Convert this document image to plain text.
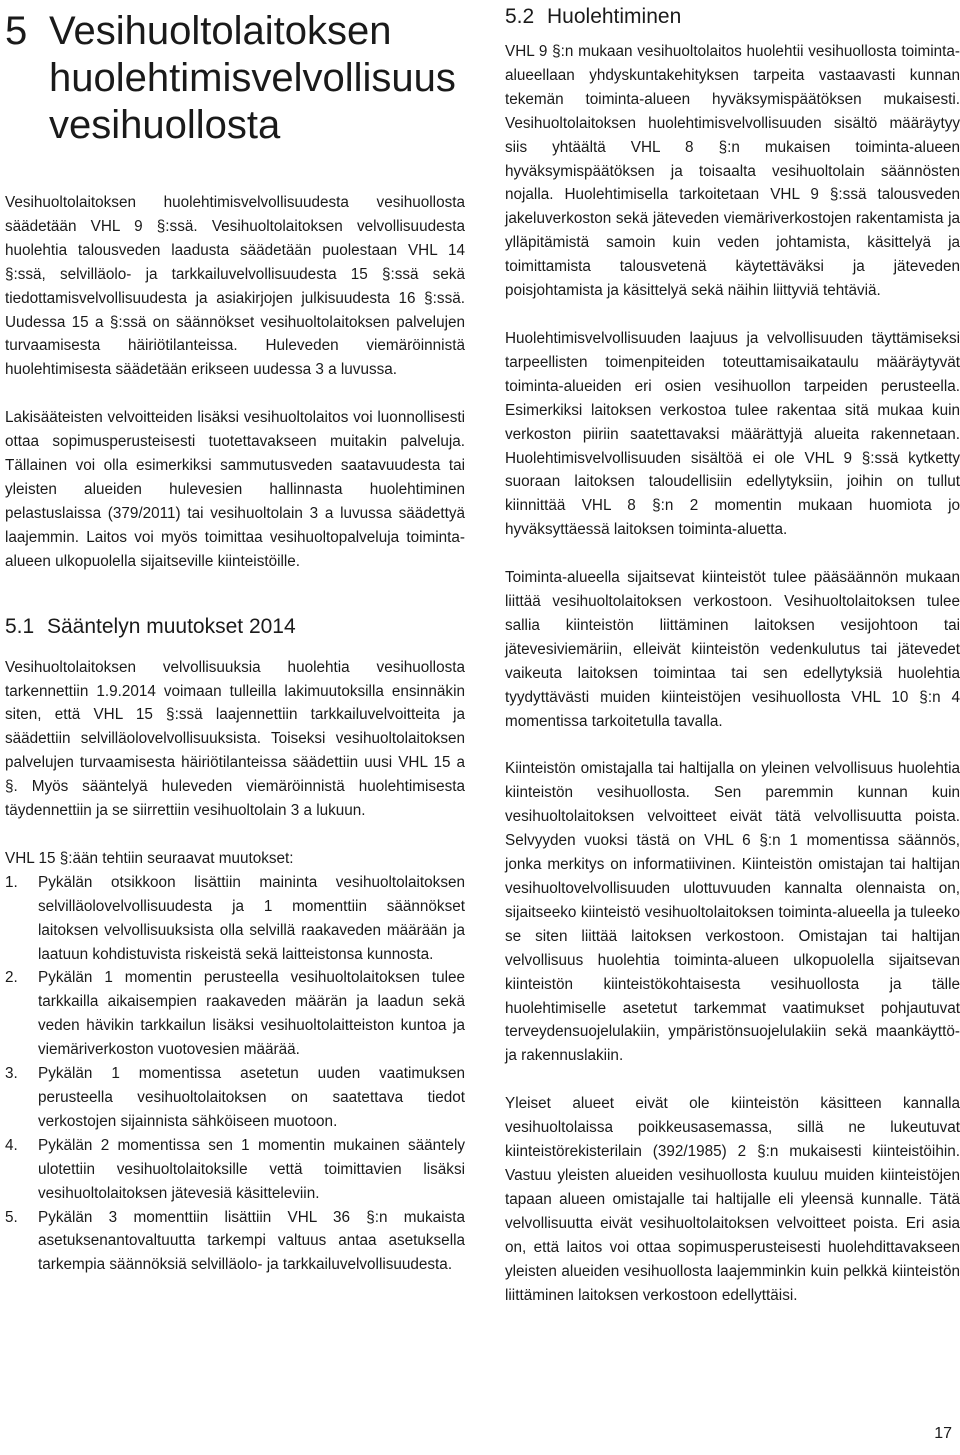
5 Vesihuoltolaitoksen huolehtimisvelvollisuus vesihuollosta

Vesihuoltolaitoksen huolehtimisvelvollisuudesta vesihuollosta säädetään VHL 9 §:ssä. Vesihuoltolaitoksen velvollisuudesta huolehtia talousveden laadusta säädetään puolestaan VHL 14 §:ssä, selvilläolo- ja tarkkailuvelvollisuudesta 15 §:ssä sekä tiedottamisvelvollisuudesta ja asiakirjojen julkisuudesta 16 §:ssä. Uudessa 15 a §:ssä on säännökset vesihuoltolaitoksen palvelujen turvaamisesta häiriötilanteissa. Huleveden viemäröinnistä huolehtimisesta säädetään erikseen uudessa 3 a luvussa.

Lakisääteisten velvoitteiden lisäksi vesihuoltolaitos voi luonnollisesti ottaa sopimusperusteisesti tuotettavakseen muitakin palveluja. Tällainen voi olla esimerkiksi sammutusveden saatavuudesta tai yleisten alueiden hulevesien hallinnasta huolehtiminen pelastuslaissa (379/2011) tai vesihuoltolain 3 a luvussa säädettyä laajemmin. Laitos voi myös toimittaa vesihuoltopalveluja toiminta-alueen ulkopuolella sijaitseville kiinteistöille.

5.1 Sääntelyn muutokset 2014

Vesihuoltolaitoksen velvollisuuksia huolehtia vesihuollosta tarkennettiin 1.9.2014 voimaan tulleilla lakimuutoksilla ensinnäkin siten, että VHL 15 §:ssä laajennettiin tarkkailuvelvoitteita ja säädettiin selvilläolovelvollisuuksista. Toiseksi vesihuoltolaitoksen palvelujen turvaamisesta häiriötilanteissa säädettiin uusi VHL 15 a §. Myös sääntelyä huleveden viemäröinnistä huolehtimisesta täydennettiin ja se siirrettiin vesihuoltolain 3 a lukuun.

VHL 15 §:ään tehtiin seuraavat muutokset:

1.	Pykälän otsikkoon lisättiin maininta vesihuoltolaitoksen selvilläolovelvollisuudesta ja 1 momenttiin säännökset laitoksen velvollisuuksista olla selvillä raakaveden määrään ja laatuun kohdistuvista riskeistä sekä laitteistonsa kunnosta.
2.	Pykälän 1 momentin perusteella vesihuoltolaitoksen tulee tarkkailla aikaisempien raakaveden määrän ja laadun sekä veden hävikin tarkkailun lisäksi vesihuoltolaitteiston kuntoa ja viemäriverkoston vuotovesien määrää.
3.	Pykälän 1 momentissa asetetun uuden vaatimuksen perusteella vesihuoltolaitoksen on saatettava tiedot verkostojen sijainnista sähköiseen muotoon.
4.	Pykälän 2 momentissa sen 1 momentin mukainen sääntely ulotettiin vesihuoltolaitoksille vettä toimittavien lisäksi vesihuoltolaitoksen jätevesiä käsitteleviin.
5.	Pykälän 3 momenttiin lisättiin VHL 36 §:n mukaista asetuksenantovaltuutta tarkempi valtuus antaa asetuksella tarkempia säännöksiä selvilläolo- ja tarkkailuvelvollisuudesta.
5.2 Huolehtiminen

VHL 9 §:n mukaan vesihuoltolaitos huolehtii vesihuollosta toiminta-alueellaan yhdyskuntakehityksen tarpeita vastaavasti kunnan tekemän toiminta-alueen hyväksymispäätöksen mukaisesti. Vesihuoltolaitoksen huolehtimisvelvollisuuden sisältö määräytyy siis yhtäältä VHL 8 §:n mukaisen toiminta-alueen hyväksymispäätöksen ja toisaalta vesihuoltolain säännösten nojalla. Huolehtimisella tarkoitetaan VHL 9 §:ssä talousveden jakeluverkoston sekä jäteveden viemäriverkostojen rakentamista ja ylläpitämistä samoin kuin veden johtamista, käsittelyä ja toimittamista talousvetenä käytettäväksi ja jäteveden poisjohtamista ja käsittelyä sekä näihin liittyviä tehtäviä.

Huolehtimisvelvollisuuden laajuus ja velvollisuuden täyttämiseksi tarpeellisten toimenpiteiden toteuttamisaikataulu määräytyvät toiminta-alueiden eri osien vesihuollon tarpeiden perusteella. Esimerkiksi laitoksen verkostoa tulee rakentaa sitä mukaa kuin verkoston piiriin saatettavaksi määrättyjä alueita rakennetaan. Huolehtimisvelvollisuuden sisältöä ei ole VHL 9 §:ssä kytketty suoraan laitoksen taloudellisiin edellytyksiin, joihin on tullut kiinnittää VHL 8 §:n 2 momentin mukaan huomiota jo hyväksyttäessä laitoksen toiminta-aluetta.

Toiminta-alueella sijaitsevat kiinteistöt tulee pääsäännön mukaan liittää vesihuoltolaitoksen verkostoon. Vesihuoltolaitoksen tulee sallia kiinteistön liittäminen laitoksen vesijohtoon tai jätevesiviemäriin, elleivät kiinteistön vedenkulutus tai jätevedet vaikeuta laitoksen toimintaa tai sen edellytyksiä huolehtia tyydyttävästi muiden kiinteistöjen vesihuollosta VHL 10 §:n 4 momentissa tarkoitetulla tavalla.

Kiinteistön omistajalla tai haltijalla on yleinen velvollisuus huolehtia kiinteistön vesihuollosta. Sen paremmin kunnan kuin vesihuoltolaitoksen velvoitteet eivät tätä velvollisuutta poista. Selvyyden vuoksi tästä on VHL 6 §:n 1 momentissa säännös, jonka merkitys on informatiivinen. Kiinteistön omistajan tai haltijan vesihuoltovelvollisuuden ulottuvuuden kannalta olennaista on, sijaitseeko kiinteistö vesihuoltolaitoksen toiminta-alueella ja tuleeko se siten liittää laitoksen verkostoon. Omistajan tai haltijan velvollisuus huolehtia toiminta-alueen ulkopuolella sijaitsevan kiinteistön kiinteistökohtaisesta vesihuollosta ja tälle huolehtimiselle asetetut tarkemmat vaatimukset pohjautuvat terveydensuojelulakiin, ympäristönsuojelulakiin sekä maankäyttö- ja rakennuslakiin.

Yleiset alueet eivät ole kiinteistön käsitteen kannalla vesihuoltolaissa poikkeusasemassa, sillä ne lukeutuvat kiinteistörekisterilain (392/1985) 2 §:n mukaisesti kiinteistöihin. Vastuu yleisten alueiden vesihuollosta kuuluu muiden kiinteistöjen tapaan alueen omistajalle tai haltijalle eli yleensä kunnalle. Tätä velvollisuutta eivät vesihuoltolaitoksen velvoitteet poista. Eri asia on, että laitos voi ottaa sopimusperusteisesti huolehdittavakseen yleisten alueiden vesihuollosta laajemminkin kuin pelkkä kiinteistön liittäminen laitoksen verkostoon edellyttäisi.

17
